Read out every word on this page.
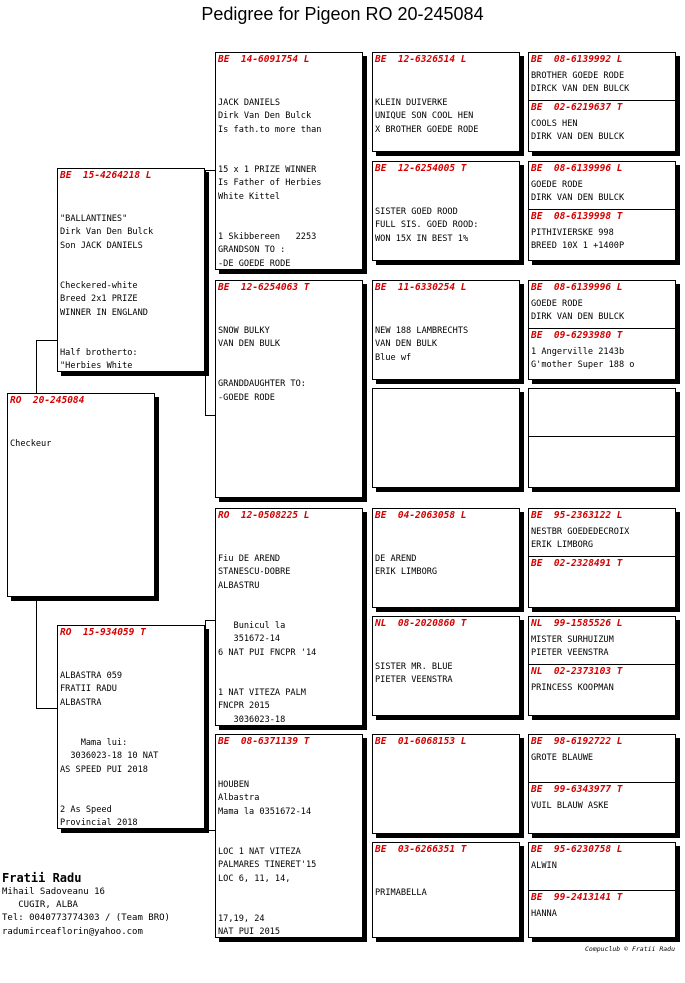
Pedigree for Pigeon RO 20-245084
RO  20-245084

Checkeur

BE  15-4264218 L

"BALLANTINES"
Dirk Van Den Bulck
Son JACK DANIELS

Checkered-white
Breed 2x1 PRIZE
WINNER IN ENGLAND

Half brotherto:
"Herbies White

RO  15-934059 T

ALBASTRA 059
FRATII RADU
ALBASTRA

Mama lui:
3036023-18 10 NAT
AS SPEED PUI 2018

2 As Speed
Provincial 2018

BE  14-6091754 L

JACK DANIELS
Dirk Van Den Bulck
Is fath.to more than

15 x 1 PRIZE WINNER
Is Father of Herbies
White Kittel

1 Skibbereen   2253
GRANDSON TO :
-DE GOEDE RODE

BE  12-6254063 T

SNOW BULKY
VAN DEN BULK

GRANDDAUGHTER TO:
-GOEDE RODE

RO  12-0508225 L

Fiu DE AREND
STANESCU-DOBRE
ALBASTRU

Bunicul la
351672-14
6 NAT PUI FNCPR '14

1 NAT VITEZA PALM
FNCPR 2015
3036023-18

BE  08-6371139 T

HOUBEN
Albastra
Mama la 0351672-14

LOC 1 NAT VITEZA
PALMARES TINERET'15
LOC 6, 11, 14,

17,19, 24
NAT PUI 2015

BE  12-6326514 L

KLEIN DUIVERKE
UNIQUE SON COOL HEN
X BROTHER GOEDE RODE

BE  12-6254005 T

SISTER GOED ROOD
FULL SIS. GOED ROOD:
WON 15X IN BEST 1%

BE  11-6330254 L

NEW 188 LAMBRECHTS
VAN DEN BULK
Blue wf

BE  04-2063058 L

DE AREND
ERIK LIMBORG

NL  08-2020860 T

SISTER MR. BLUE
PIETER VEENSTRA

BE  01-6068153 L

BE  03-6266351 T

PRIMABELLA

BE  08-6139992 L
BROTHER GOEDE RODE
DIRCK VAN DEN BULCK
BE  02-6219637 T
COOLS HEN
DIRK VAN DEN BULCK
BE  08-6139996 L
GOEDE RODE
DIRK VAN DEN BULCK
BE  08-6139998 T
PITHIVIERSKE 998
BREED 10X 1 +1400P
BE  08-6139996 L
GOEDE RODE
DIRK VAN DEN BULCK
BE  09-6293980 T
1 Angerville 2143b
G'mother Super 188 o
BE  95-2363122 L
NESTBR GOEDEDECROIX
ERIK LIMBORG
BE  02-2328491 T
NL  99-1585526 L
MISTER SURHUIZUM
PIETER VEENSTRA
NL  02-2373103 T
PRINCESS KOOPMAN
BE  98-6192722 L
GROTE BLAUWE
BE  99-6343977 T
VUIL BLAUW ASKE
BE  95-6230758 L
ALWIN
BE  99-2413141 T
HANNA
Fratii Radu
Mihail Sadoveanu 16
CUGIR, ALBA
Tel: 0040773774303 / (Team BRO)
radumirceaflorin@yahoo.com
Compuclub © Fratii Radu
